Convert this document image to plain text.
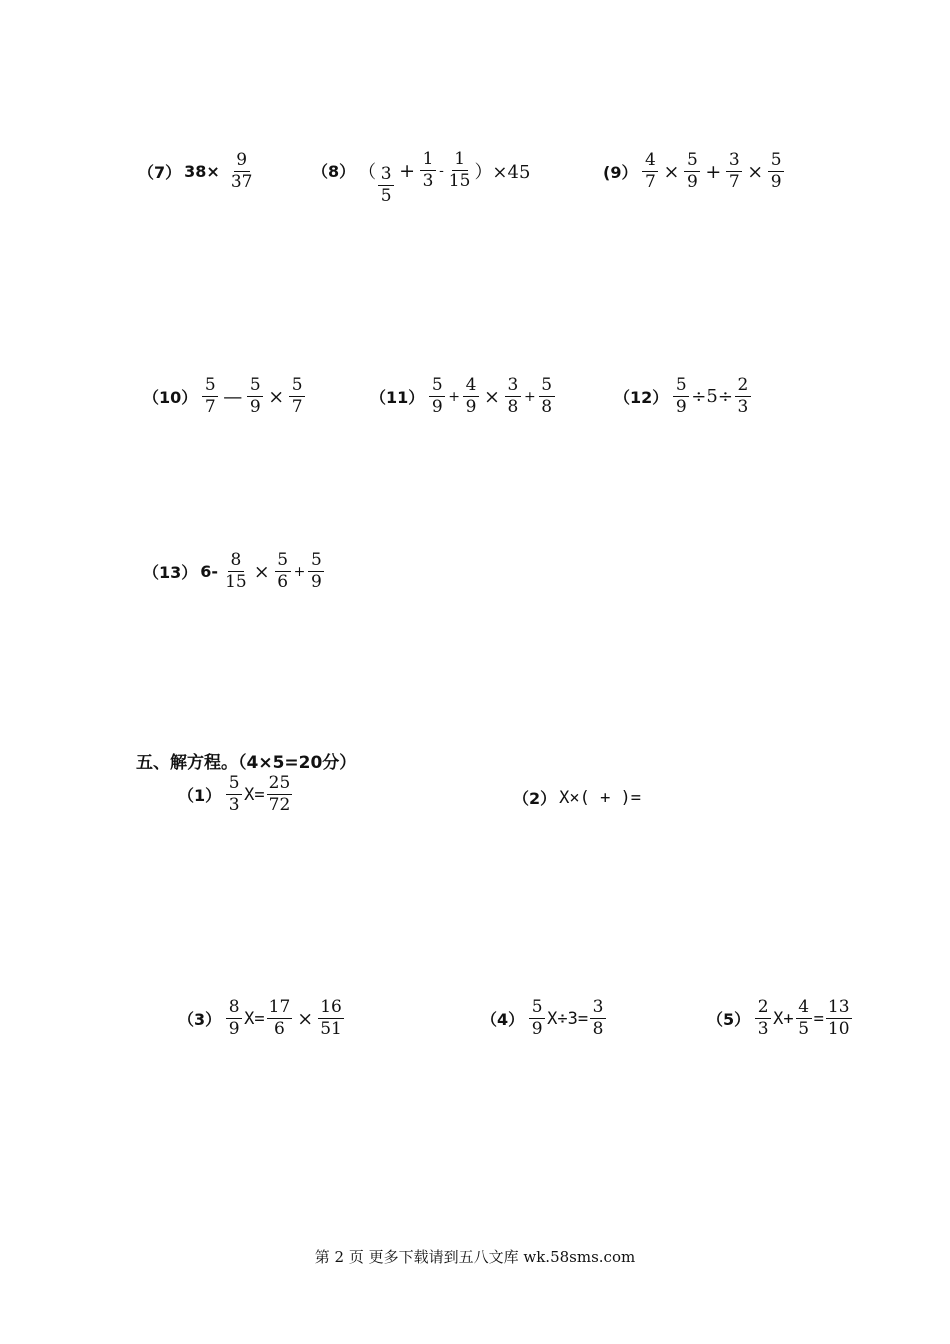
（7） $38\times \frac{9}{37}$	（8） （ $\frac{3}{5} + \frac{1}{3} - \frac{1}{15} )\times 45$	$(9) \frac{4}{7} \times \frac{5}{9} + \frac{3}{7} \times \frac{5}{9}$
$(10) \frac{5}{7}$ — $\frac{5}{9} \times \frac{5}{7}$	$(11) \frac{5}{9} + \frac{4}{9} \times \frac{3}{8} + \frac{5}{8}$	$(12) \frac{5}{9} \div 5\div \frac{2}{3}$
（13） $6- \frac{8}{15} \times \frac{5}{6} + \frac{5}{9}$
五、解方程。（4×5=20分）
$(1) \frac{5}{3} X= \frac{25}{72}$	（2） X×( + )=
$(3) \frac{8}{9} X= \frac{17}{6} \times \frac{16}{51}$	$(4) \frac{5}{9} X\div 3= \frac{3}{8}$	$(5) \frac{2}{3} X+ \frac{4}{5} = \frac{13}{10}$
第 2 页 更多下载请到五八文库 wk.58sms.com
